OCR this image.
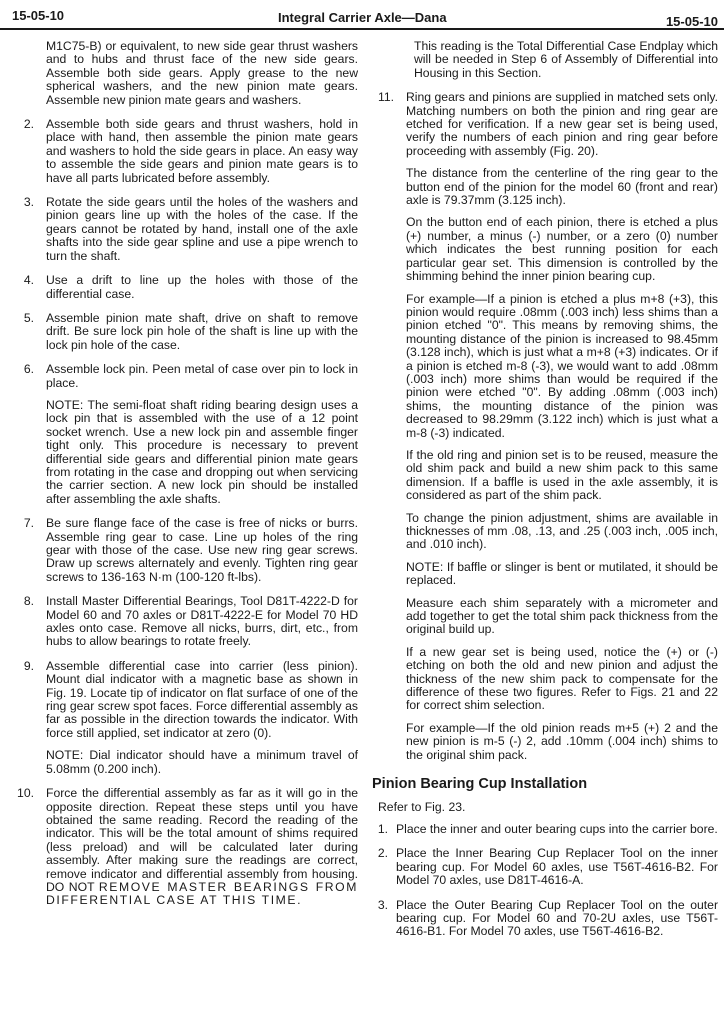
15-05-10	Integral Carrier Axle—Dana	15-05-10
M1C75-B) or equivalent, to new side gear thrust washers and to hubs and thrust face of the new side gears. Assemble both side gears. Apply grease to the new spherical washers, and the new pinion mate gears. Assemble new pinion mate gears and washers.
2. Assemble both side gears and thrust washers, hold in place with hand, then assemble the pinion mate gears and washers to hold the side gears in place. An easy way to assemble the side gears and pinion mate gears is to have all parts lubricated before assembly.

3. Rotate the side gears until the holes of the washers and pinion gears line up with the holes of the case. If the gears cannot be rotated by hand, install one of the axle shafts into the side gear spline and use a pipe wrench to turn the shaft.

4. Use a drift to line up the holes with those of the differential case.

5. Assemble pinion mate shaft, drive on shaft to remove drift. Be sure lock pin hole of the shaft is line up with the lock pin hole of the case.

6. Assemble lock pin. Peen metal of case over pin to lock in place.

NOTE: The semi-float shaft riding bearing design uses a lock pin that is assembled with the use of a 12 point socket wrench. Use a new lock pin and assemble finger tight only. This procedure is necessary to prevent differential side gears and differential pinion mate gears from rotating in the case and dropping out when servicing the carrier section. A new lock pin should be installed after assembling the axle shafts.

7. Be sure flange face of the case is free of nicks or burrs. Assemble ring gear to case. Line up holes of the ring gear with those of the case. Use new ring gear screws. Draw up screws alternately and evenly. Tighten ring gear screws to 136-163 N·m (100-120 ft-lbs).

8. Install Master Differential Bearings, Tool D81T-4222-D for Model 60 and 70 axles or D81T-4222-E for Model 70 HD axles onto case. Remove all nicks, burrs, dirt, etc., from hubs to allow bearings to rotate freely.

9. Assemble differential case into carrier (less pinion). Mount dial indicator with a magnetic base as shown in Fig. 19. Locate tip of indicator on flat surface of one of the ring gear screw spot faces. Force differential assembly as far as possible in the direction towards the indicator. With force still applied, set indicator at zero (0).

NOTE: Dial indicator should have a minimum travel of 5.08mm (0.200 inch).

10. Force the differential assembly as far as it will go in the opposite direction. Repeat these steps until you have obtained the same reading. Record the reading of the indicator. This will be the total amount of shims required (less preload) and will be calculated later during assembly. After making sure the readings are correct, remove indicator and differential assembly from housing. DO NOT REMOVE MASTER BEARINGS FROM DIFFERENTIAL CASE AT THIS TIME.

This reading is the Total Differential Case Endplay which will be needed in Step 6 of Assembly of Differential into Housing in this Section.
11. Ring gears and pinions are supplied in matched sets only. Matching numbers on both the pinion and ring gear are etched for verification. If a new gear set is being used, verify the numbers of each pinion and ring gear before proceeding with assembly (Fig. 20).

The distance from the centerline of the ring gear to the button end of the pinion for the model 60 (front and rear) axle is 79.37mm (3.125 inch).

On the button end of each pinion, there is etched a plus (+) number, a minus (-) number, or a zero (0) number which indicates the best running position for each particular gear set. This dimension is controlled by the shimming behind the inner pinion bearing cup.

For example—If a pinion is etched a plus m+8 (+3), this pinion would require .08mm (.003 inch) less shims than a pinion etched "0". This means by removing shims, the mounting distance of the pinion is increased to 98.45mm (3.128 inch), which is just what a m+8 (+3) indicates. Or if a pinion is etched m-8 (-3), we would want to add .08mm (.003 inch) more shims than would be required if the pinion were etched "0". By adding .08mm (.003 inch) shims, the mounting distance of the pinion was decreased to 98.29mm (3.122 inch) which is just what a m-8 (-3) indicated.

If the old ring and pinion set is to be reused, measure the old shim pack and build a new shim pack to this same dimension. If a baffle is used in the axle assembly, it is considered as part of the shim pack.

To change the pinion adjustment, shims are available in thicknesses of mm .08, .13, and .25 (.003 inch, .005 inch, and .010 inch).

NOTE: If baffle or slinger is bent or mutilated, it should be replaced.

Measure each shim separately with a micrometer and add together to get the total shim pack thickness from the original build up.

If a new gear set is being used, notice the (+) or (-) etching on both the old and new pinion and adjust the thickness of the new shim pack to compensate for the difference of these two figures. Refer to Figs. 21 and 22 for correct shim selection.

For example—If the old pinion reads m+5 (+) 2 and the new pinion is m-5 (-) 2, add .10mm (.004 inch) shims to the original shim pack.

Pinion Bearing Cup Installation
Refer to Fig. 23.
1. Place the inner and outer bearing cups into the carrier bore.

2. Place the Inner Bearing Cup Replacer Tool on the inner bearing cup. For Model 60 axles, use T56T-4616-B2. For Model 70 axles, use D81T-4616-A.

3. Place the Outer Bearing Cup Replacer Tool on the outer bearing cup. For Model 60 and 70-2U axles, use T56T-4616-B1. For Model 70 axles, use T56T-4616-B2.
